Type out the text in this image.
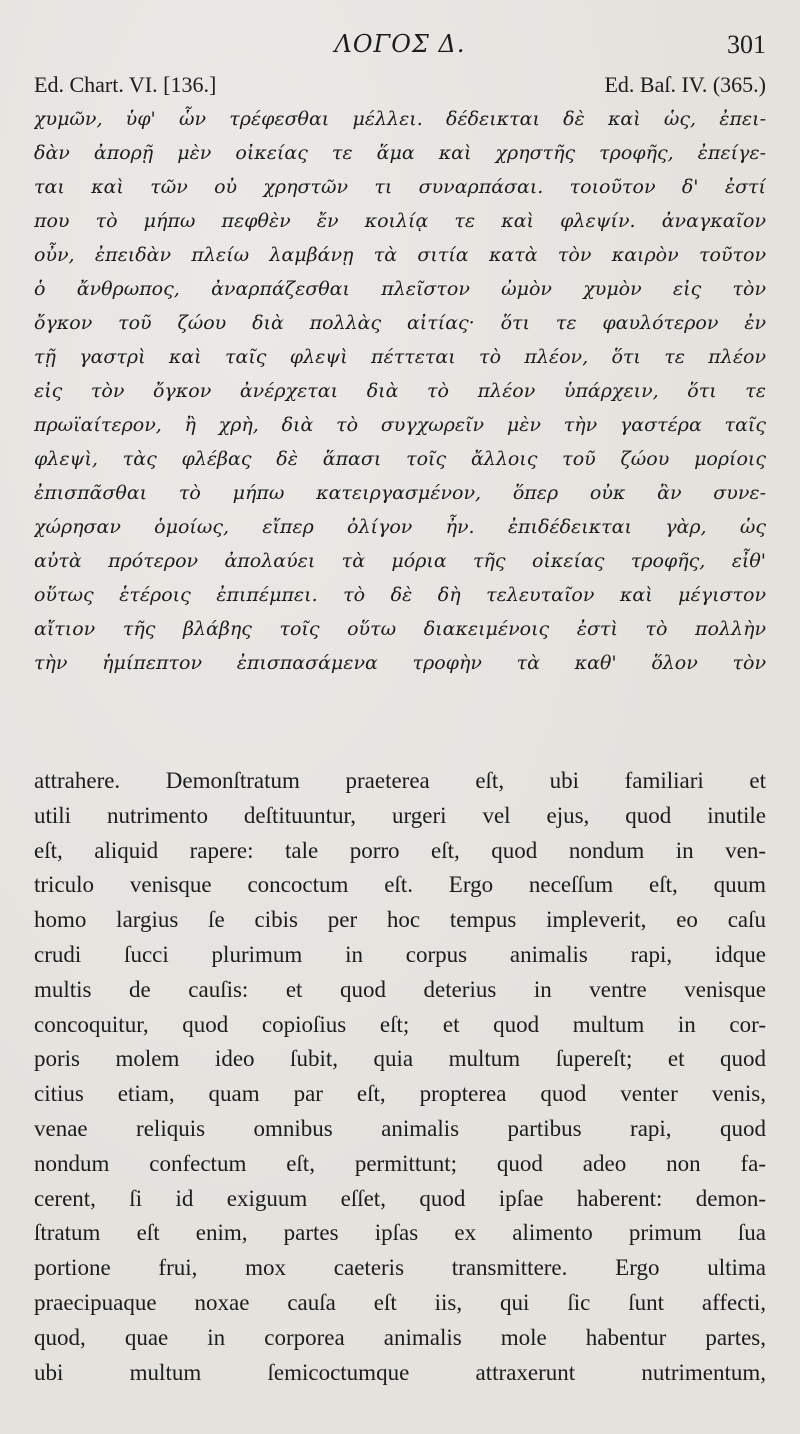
ΛΟΓΟΣ Δ.	301
Ed. Chart. VI. [136.]	Ed. Baſ. IV. (365.)
χυμῶν, ὑφ' ὧν τρέφεσθαι μέλλει. δέδεικται δὲ καὶ ὡς, ἐπει-
δὰν ἀπορῇ μὲν οἰκείας τε ἅμα καὶ χρηστῆς τροφῆς, ἐπείγε-
ται καὶ τῶν οὐ χρηστῶν τι συναρπάσαι. τοιοῦτον δ' ἐστί
που τὸ μήπω πεφθὲν ἔν κοιλίᾳ τε καὶ φλεψίν. ἀναγκαῖον
οὖν, ἐπειδὰν πλείω λαμβάνῃ τὰ σιτία κατὰ τὸν καιρὸν τοῦτον
ὁ ἄνθρωπος, ἀναρπάζεσθαι πλεῖστον ὠμὸν χυμὸν εἰς τὸν
ὄγκον τοῦ ζώου διὰ πολλὰς αἰτίας· ὅτι τε φαυλότερον ἐν
τῇ γαστρὶ καὶ ταῖς φλεψὶ πέττεται τὸ πλέον, ὅτι τε πλέον
εἰς τὸν ὄγκον ἀνέρχεται διὰ τὸ πλέον ὑπάρχειν, ὅτι τε
πρωϊαίτερον, ἢ χρὴ, διὰ τὸ συγχωρεῖν μὲν τὴν γαστέρα ταῖς
φλεψὶ, τὰς φλέβας δὲ ἅπασι τοῖς ἄλλοις τοῦ ζώου μορίοις
ἐπισπᾶσθαι τὸ μήπω κατειργασμένον, ὅπερ οὐκ ἂν συνε-
χώρησαν ὁμοίως, εἴπερ ὀλίγον ἦν. ἐπιδέδεικται γὰρ, ὡς
αὐτὰ πρότερον ἀπολαύει τὰ μόρια τῆς οἰκείας τροφῆς, εἶθ'
οὕτως ἑτέροις ἐπιπέμπει. τὸ δὲ δὴ τελευταῖον καὶ μέγιστον
αἴτιον τῆς βλάβης τοῖς οὕτω διακειμένοις ἐστὶ τὸ πολλὴν
τὴν ἡμίπεπτον ἐπισπασάμενα τροφὴν τὰ καθ' ὅλον τὸν
attrahere. Demonſtratum praeterea eſt, ubi familiari et
utili nutrimento deſtituuntur, urgeri vel ejus, quod inutile
eſt, aliquid rapere: tale porro eſt, quod nondum in ven-
triculo venisque concoctum eſt. Ergo neceſſum eſt, quum
homo largius ſe cibis per hoc tempus impleverit, eo caſu
crudi ſucci plurimum in corpus animalis rapi, idque
multis de cauſis: et quod deterius in ventre venisque
concoquitur, quod copioſius eſt; et quod multum in cor-
poris molem ideo ſubit, quia multum ſupereſt; et quod
citius etiam, quam par eſt, propterea quod venter venis,
venae reliquis omnibus animalis partibus rapi, quod
nondum confectum eſt, permittunt; quod adeo non fa-
cerent, ſi id exiguum eſſet, quod ipſae haberent: demon-
ſtratum eſt enim, partes ipſas ex alimento primum ſua
portione frui, mox caeteris transmittere. Ergo ultima
praecipuaque noxae cauſa eſt iis, qui ſic ſunt affecti,
quod, quae in corporea animalis mole habentur partes,
ubi multum ſemicoctumque attraxerunt nutrimentum,
